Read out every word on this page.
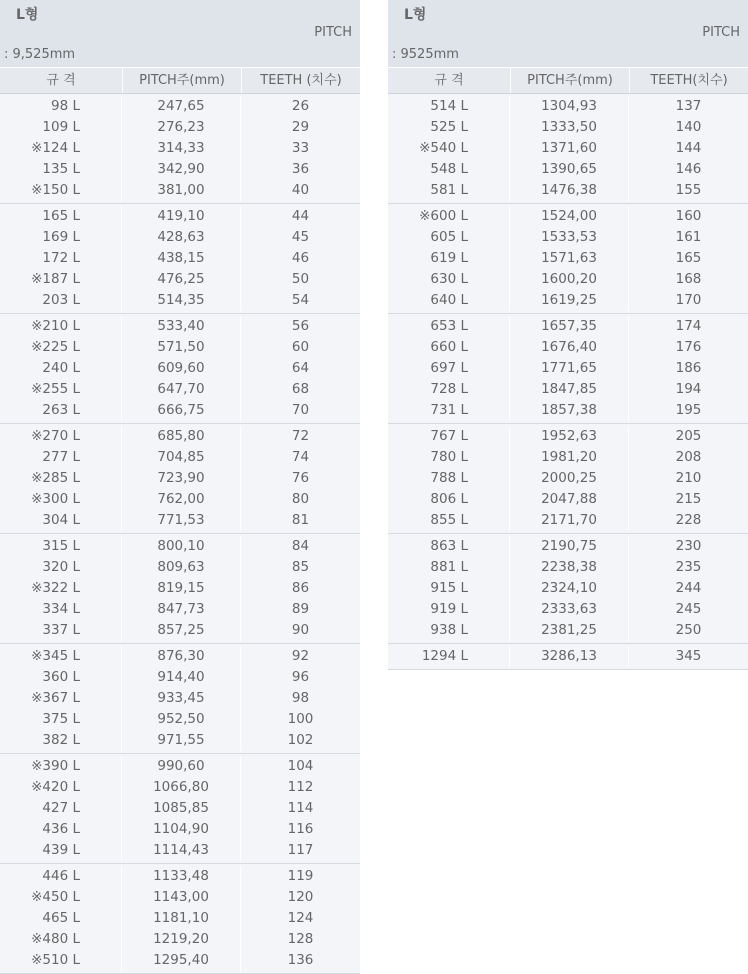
L형
PITCH
: 9,525mm
규 격	PITCH주(mm)	TEETH (치수)
98 L	247,65	26
109 L	276,23	29
※124 L	314,33	33
135 L	342,90	36
※150 L	381,00	40
165 L	419,10	44
169 L	428,63	45
172 L	438,15	46
※187 L	476,25	50
203 L	514,35	54
※210 L	533,40	56
※225 L	571,50	60
240 L	609,60	64
※255 L	647,70	68
263 L	666,75	70
※270 L	685,80	72
277 L	704,85	74
※285 L	723,90	76
※300 L	762,00	80
304 L	771,53	81
315 L	800,10	84
320 L	809,63	85
※322 L	819,15	86
334 L	847,73	89
337 L	857,25	90
※345 L	876,30	92
360 L	914,40	96
※367 L	933,45	98
375 L	952,50	100
382 L	971,55	102
※390 L	990,60	104
※420 L	1066,80	112
427 L	1085,85	114
436 L	1104,90	116
439 L	1114,43	117
446 L	1133,48	119
※450 L	1143,00	120
465 L	1181,10	124
※480 L	1219,20	128
※510 L	1295,40	136
L형
PITCH
: 9525mm
규 격	PITCH주(mm)	TEETH(치수)
514 L	1304,93	137
525 L	1333,50	140
※540 L	1371,60	144
548 L	1390,65	146
581 L	1476,38	155
※600 L	1524,00	160
605 L	1533,53	161
619 L	1571,63	165
630 L	1600,20	168
640 L	1619,25	170
653 L	1657,35	174
660 L	1676,40	176
697 L	1771,65	186
728 L	1847,85	194
731 L	1857,38	195
767 L	1952,63	205
780 L	1981,20	208
788 L	2000,25	210
806 L	2047,88	215
855 L	2171,70	228
863 L	2190,75	230
881 L	2238,38	235
915 L	2324,10	244
919 L	2333,63	245
938 L	2381,25	250
1294 L	3286,13	345
